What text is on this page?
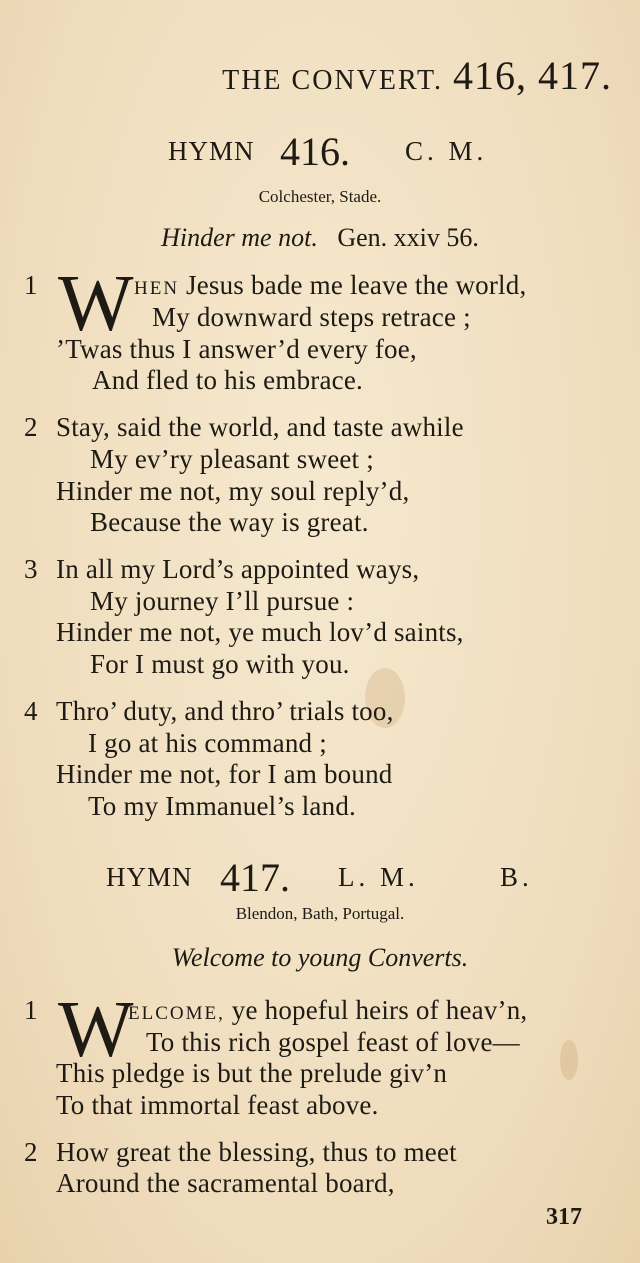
THE CONVERT. 416, 417.
HYMN 416. C. M.
Colchester, Stade.
Hinder me not. Gen. xxiv 56.
1 W HEN Jesus bade me leave the world,
My downward steps retrace ;
’Twas thus I answer’d every foe,
And fled to his embrace.
2 Stay, said the world, and taste awhile
My ev’ry pleasant sweet ;
Hinder me not, my soul reply’d,
Because the way is great.
3 In all my Lord’s appointed ways,
My journey I’ll pursue :
Hinder me not, ye much lov’d saints,
For I must go with you.
4 Thro’ duty, and thro’ trials too,
I go at his command ;
Hinder me not, for I am bound
To my Immanuel’s land.
HYMN 417. L. M.	B.
Blendon, Bath, Portugal.
Welcome to young Converts.
1 W
ELCOME, ye hopeful heirs of heav’n,
To this rich gospel feast of love—
This pledge is but the prelude giv’n
To that immortal feast above.
2 How great the blessing, thus to meet
Around the sacramental board,
317
